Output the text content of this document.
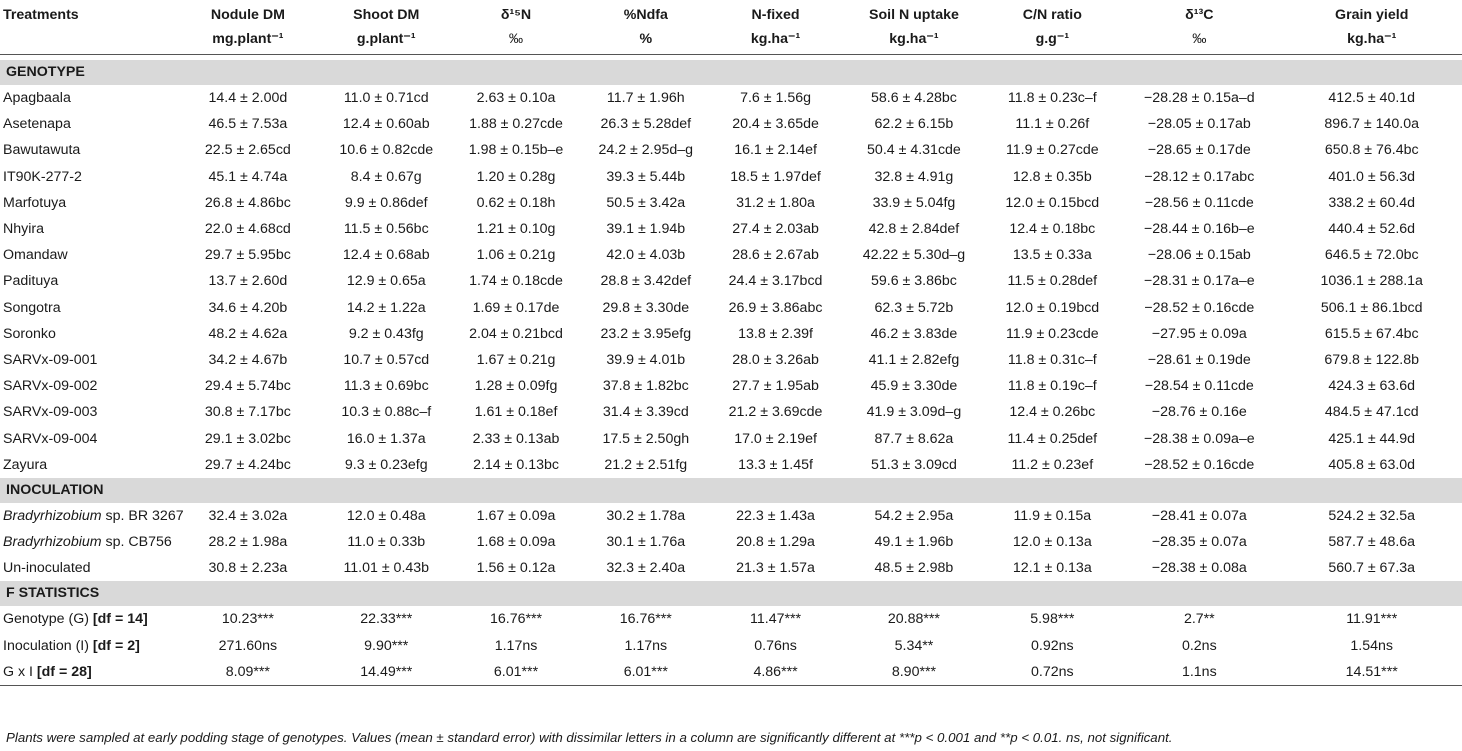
Treatments	Nodule DM	Shoot DM	δ¹⁵N	%Ndfa	N-fixed	Soil N uptake	C/N ratio	δ¹³C	Grain yield
	mg.plant⁻¹	g.plant⁻¹	‰	%	kg.ha⁻¹	kg.ha⁻¹	g.g⁻¹	‰	kg.ha⁻¹

GENOTYPE									
Apagbaala	14.4 ± 2.00d	11.0 ± 0.71cd	2.63 ± 0.10a	11.7 ± 1.96h	7.6 ± 1.56g	58.6 ± 4.28bc	11.8 ± 0.23c–f	−28.28 ± 0.15a–d	412.5 ± 40.1d
Asetenapa	46.5 ± 7.53a	12.4 ± 0.60ab	1.88 ± 0.27cde	26.3 ± 5.28def	20.4 ± 3.65de	62.2 ± 6.15b	11.1 ± 0.26f	−28.05 ± 0.17ab	896.7 ± 140.0a
Bawutawuta	22.5 ± 2.65cd	10.6 ± 0.82cde	1.98 ± 0.15b–e	24.2 ± 2.95d–g	16.1 ± 2.14ef	50.4 ± 4.31cde	11.9 ± 0.27cde	−28.65 ± 0.17de	650.8 ± 76.4bc
IT90K-277-2	45.1 ± 4.74a	8.4 ± 0.67g	1.20 ± 0.28g	39.3 ± 5.44b	18.5 ± 1.97def	32.8 ± 4.91g	12.8 ± 0.35b	−28.12 ± 0.17abc	401.0 ± 56.3d
Marfotuya	26.8 ± 4.86bc	9.9 ± 0.86def	0.62 ± 0.18h	50.5 ± 3.42a	31.2 ± 1.80a	33.9 ± 5.04fg	12.0 ± 0.15bcd	−28.56 ± 0.11cde	338.2 ± 60.4d
Nhyira	22.0 ± 4.68cd	11.5 ± 0.56bc	1.21 ± 0.10g	39.1 ± 1.94b	27.4 ± 2.03ab	42.8 ± 2.84def	12.4 ± 0.18bc	−28.44 ± 0.16b–e	440.4 ± 52.6d
Omandaw	29.7 ± 5.95bc	12.4 ± 0.68ab	1.06 ± 0.21g	42.0 ± 4.03b	28.6 ± 2.67ab	42.22 ± 5.30d–g	13.5 ± 0.33a	−28.06 ± 0.15ab	646.5 ± 72.0bc
Padituya	13.7 ± 2.60d	12.9 ± 0.65a	1.74 ± 0.18cde	28.8 ± 3.42def	24.4 ± 3.17bcd	59.6 ± 3.86bc	11.5 ± 0.28def	−28.31 ± 0.17a–e	1036.1 ± 288.1a
Songotra	34.6 ± 4.20b	14.2 ± 1.22a	1.69 ± 0.17de	29.8 ± 3.30de	26.9 ± 3.86abc	62.3 ± 5.72b	12.0 ± 0.19bcd	−28.52 ± 0.16cde	506.1 ± 86.1bcd
Soronko	48.2 ± 4.62a	9.2 ± 0.43fg	2.04 ± 0.21bcd	23.2 ± 3.95efg	13.8 ± 2.39f	46.2 ± 3.83de	11.9 ± 0.23cde	−27.95 ± 0.09a	615.5 ± 67.4bc
SARVx-09-001	34.2 ± 4.67b	10.7 ± 0.57cd	1.67 ± 0.21g	39.9 ± 4.01b	28.0 ± 3.26ab	41.1 ± 2.82efg	11.8 ± 0.31c–f	−28.61 ± 0.19de	679.8 ± 122.8b
SARVx-09-002	29.4 ± 5.74bc	11.3 ± 0.69bc	1.28 ± 0.09fg	37.8 ± 1.82bc	27.7 ± 1.95ab	45.9 ± 3.30de	11.8 ± 0.19c–f	−28.54 ± 0.11cde	424.3 ± 63.6d
SARVx-09-003	30.8 ± 7.17bc	10.3 ± 0.88c–f	1.61 ± 0.18ef	31.4 ± 3.39cd	21.2 ± 3.69cde	41.9 ± 3.09d–g	12.4 ± 0.26bc	−28.76 ± 0.16e	484.5 ± 47.1cd
SARVx-09-004	29.1 ± 3.02bc	16.0 ± 1.37a	2.33 ± 0.13ab	17.5 ± 2.50gh	17.0 ± 2.19ef	87.7 ± 8.62a	11.4 ± 0.25def	−28.38 ± 0.09a–e	425.1 ± 44.9d
Zayura	29.7 ± 4.24bc	9.3 ± 0.23efg	2.14 ± 0.13bc	21.2 ± 2.51fg	13.3 ± 1.45f	51.3 ± 3.09cd	11.2 ± 0.23ef	−28.52 ± 0.16cde	405.8 ± 63.0d
INOCULATION									
Bradyrhizobium sp. BR 3267	32.4 ± 3.02a	12.0 ± 0.48a	1.67 ± 0.09a	30.2 ± 1.78a	22.3 ± 1.43a	54.2 ± 2.95a	11.9 ± 0.15a	−28.41 ± 0.07a	524.2 ± 32.5a
Bradyrhizobium sp. CB756	28.2 ± 1.98a	11.0 ± 0.33b	1.68 ± 0.09a	30.1 ± 1.76a	20.8 ± 1.29a	49.1 ± 1.96b	12.0 ± 0.13a	−28.35 ± 0.07a	587.7 ± 48.6a
Un-inoculated	30.8 ± 2.23a	11.01 ± 0.43b	1.56 ± 0.12a	32.3 ± 2.40a	21.3 ± 1.57a	48.5 ± 2.98b	12.1 ± 0.13a	−28.38 ± 0.08a	560.7 ± 67.3a
F STATISTICS									
Genotype (G) [df = 14]	10.23***	22.33***	16.76***	16.76***	11.47***	20.88***	5.98***	2.7**	11.91***
Inoculation (I) [df = 2]	271.60ns	9.90***	1.17ns	1.17ns	0.76ns	5.34**	0.92ns	0.2ns	1.54ns
G x I [df = 28]	8.09***	14.49***	6.01***	6.01***	4.86***	8.90***	0.72ns	1.1ns	14.51***
Plants were sampled at early podding stage of genotypes. Values (mean ± standard error) with dissimilar letters in a column are significantly different at ***p < 0.001 and **p < 0.01. ns, not significant.
